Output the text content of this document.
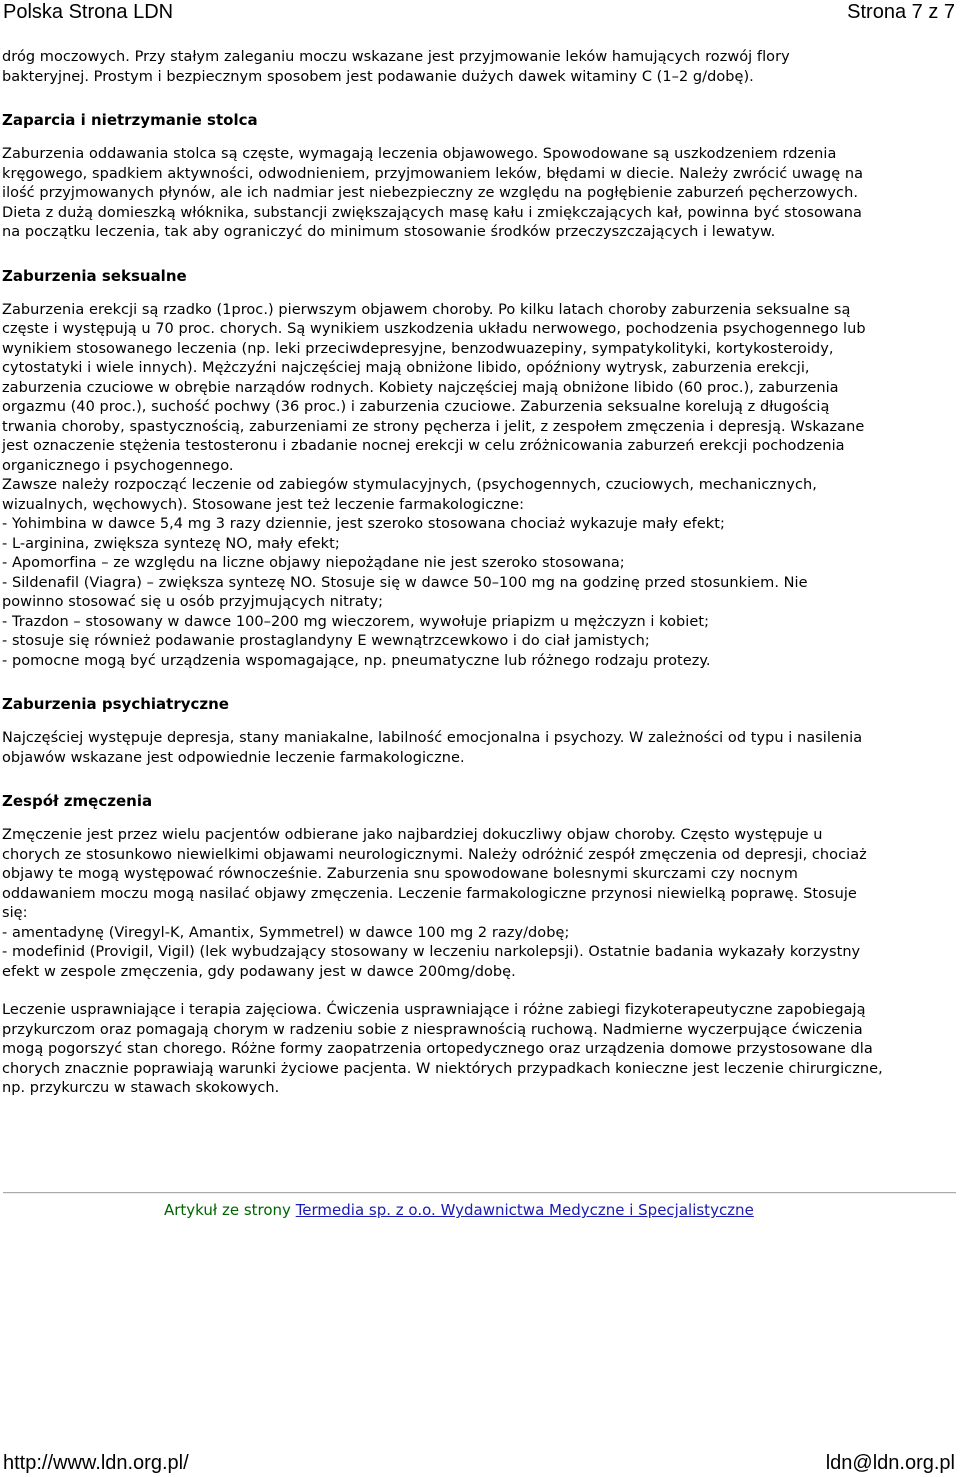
Polska Strona LDN	Strona 7 z 7
dróg moczowych. Przy stałym zaleganiu moczu wskazane jest przyjmowanie leków hamujących rozwój flory
bakteryjnej. Prostym i bezpiecznym sposobem jest podawanie dużych dawek witaminy C (1–2 g/dobę).
Zaparcia i nietrzymanie stolca
Zaburzenia oddawania stolca są częste, wymagają leczenia objawowego. Spowodowane są uszkodzeniem rdzenia
kręgowego, spadkiem aktywności, odwodnieniem, przyjmowaniem leków, błędami w diecie. Należy zwrócić uwagę na
ilość przyjmowanych płynów, ale ich nadmiar jest niebezpieczny ze względu na pogłębienie zaburzeń pęcherzowych.
Dieta z dużą domieszką włóknika, substancji zwiększających masę kału i zmiękczających kał, powinna być stosowana
na początku leczenia, tak aby ograniczyć do minimum stosowanie środków przeczyszczających i lewatyw.
Zaburzenia seksualne
Zaburzenia erekcji są rzadko (1proc.) pierwszym objawem choroby. Po kilku latach choroby zaburzenia seksualne są
częste i występują u 70 proc. chorych. Są wynikiem uszkodzenia układu nerwowego, pochodzenia psychogennego lub
wynikiem stosowanego leczenia (np. leki przeciwdepresyjne, benzodwuazepiny, sympatykolityki, kortykosteroidy,
cytostatyki i wiele innych). Mężczyźni najczęściej mają obniżone libido, opóźniony wytrysk, zaburzenia erekcji,
zaburzenia czuciowe w obrębie narządów rodnych. Kobiety najczęściej mają obniżone libido (60 proc.), zaburzenia
orgazmu (40 proc.), suchość pochwy (36 proc.) i zaburzenia czuciowe. Zaburzenia seksualne korelują z długością
trwania choroby, spastycznością, zaburzeniami ze strony pęcherza i jelit, z zespołem zmęczenia i depresją. Wskazane
jest oznaczenie stężenia testosteronu i zbadanie nocnej erekcji w celu zróżnicowania zaburzeń erekcji pochodzenia
organicznego i psychogennego.
Zawsze należy rozpocząć leczenie od zabiegów stymulacyjnych, (psychogennych, czuciowych, mechanicznych,
wizualnych, węchowych). Stosowane jest też leczenie farmakologiczne:
- Yohimbina w dawce 5,4 mg 3 razy dziennie, jest szeroko stosowana chociaż wykazuje mały efekt;
- L-arginina, zwiększa syntezę NO, mały efekt;
- Apomorfina – ze względu na liczne objawy niepożądane nie jest szeroko stosowana;
- Sildenafil (Viagra) – zwiększa syntezę NO. Stosuje się w dawce 50–100 mg na godzinę przed stosunkiem. Nie
powinno stosować się u osób przyjmujących nitraty;
- Trazdon – stosowany w dawce 100–200 mg wieczorem, wywołuje priapizm u mężczyzn i kobiet;
- stosuje się również podawanie prostaglandyny E wewnątrzcewkowo i do ciał jamistych;
- pomocne mogą być urządzenia wspomagające, np. pneumatyczne lub różnego rodzaju protezy.
Zaburzenia psychiatryczne
Najczęściej występuje depresja, stany maniakalne, labilność emocjonalna i psychozy. W zależności od typu i nasilenia
objawów wskazane jest odpowiednie leczenie farmakologiczne.
Zespół zmęczenia
Zmęczenie jest przez wielu pacjentów odbierane jako najbardziej dokuczliwy objaw choroby. Często występuje u
chorych ze stosunkowo niewielkimi objawami neurologicznymi. Należy odróżnić zespół zmęczenia od depresji, chociaż
objawy te mogą występować równocześnie. Zaburzenia snu spowodowane bolesnymi skurczami czy nocnym
oddawaniem moczu mogą nasilać objawy zmęczenia. Leczenie farmakologiczne przynosi niewielką poprawę. Stosuje
się:
- amentadynę (Viregyl-K, Amantix, Symmetrel) w dawce 100 mg 2 razy/dobę;
- modefinid (Provigil, Vigil) (lek wybudzający stosowany w leczeniu narkolepsji). Ostatnie badania wykazały korzystny
efekt w zespole zmęczenia, gdy podawany jest w dawce 200mg/dobę.
Leczenie usprawniające i terapia zajęciowa. Ćwiczenia usprawniające i różne zabiegi fizykoterapeutyczne zapobiegają
przykurczom oraz pomagają chorym w radzeniu sobie z niesprawnością ruchową. Nadmierne wyczerpujące ćwiczenia
mogą pogorszyć stan chorego. Różne formy zaopatrzenia ortopedycznego oraz urządzenia domowe przystosowane dla
chorych znacznie poprawiają warunki życiowe pacjenta. W niektórych przypadkach konieczne jest leczenie chirurgiczne,
np. przykurczu w stawach skokowych.
Artykuł ze strony Termedia sp. z o.o. Wydawnictwa Medyczne i Specjalistyczne
http://www.ldn.org.pl/	ldn@ldn.org.pl
